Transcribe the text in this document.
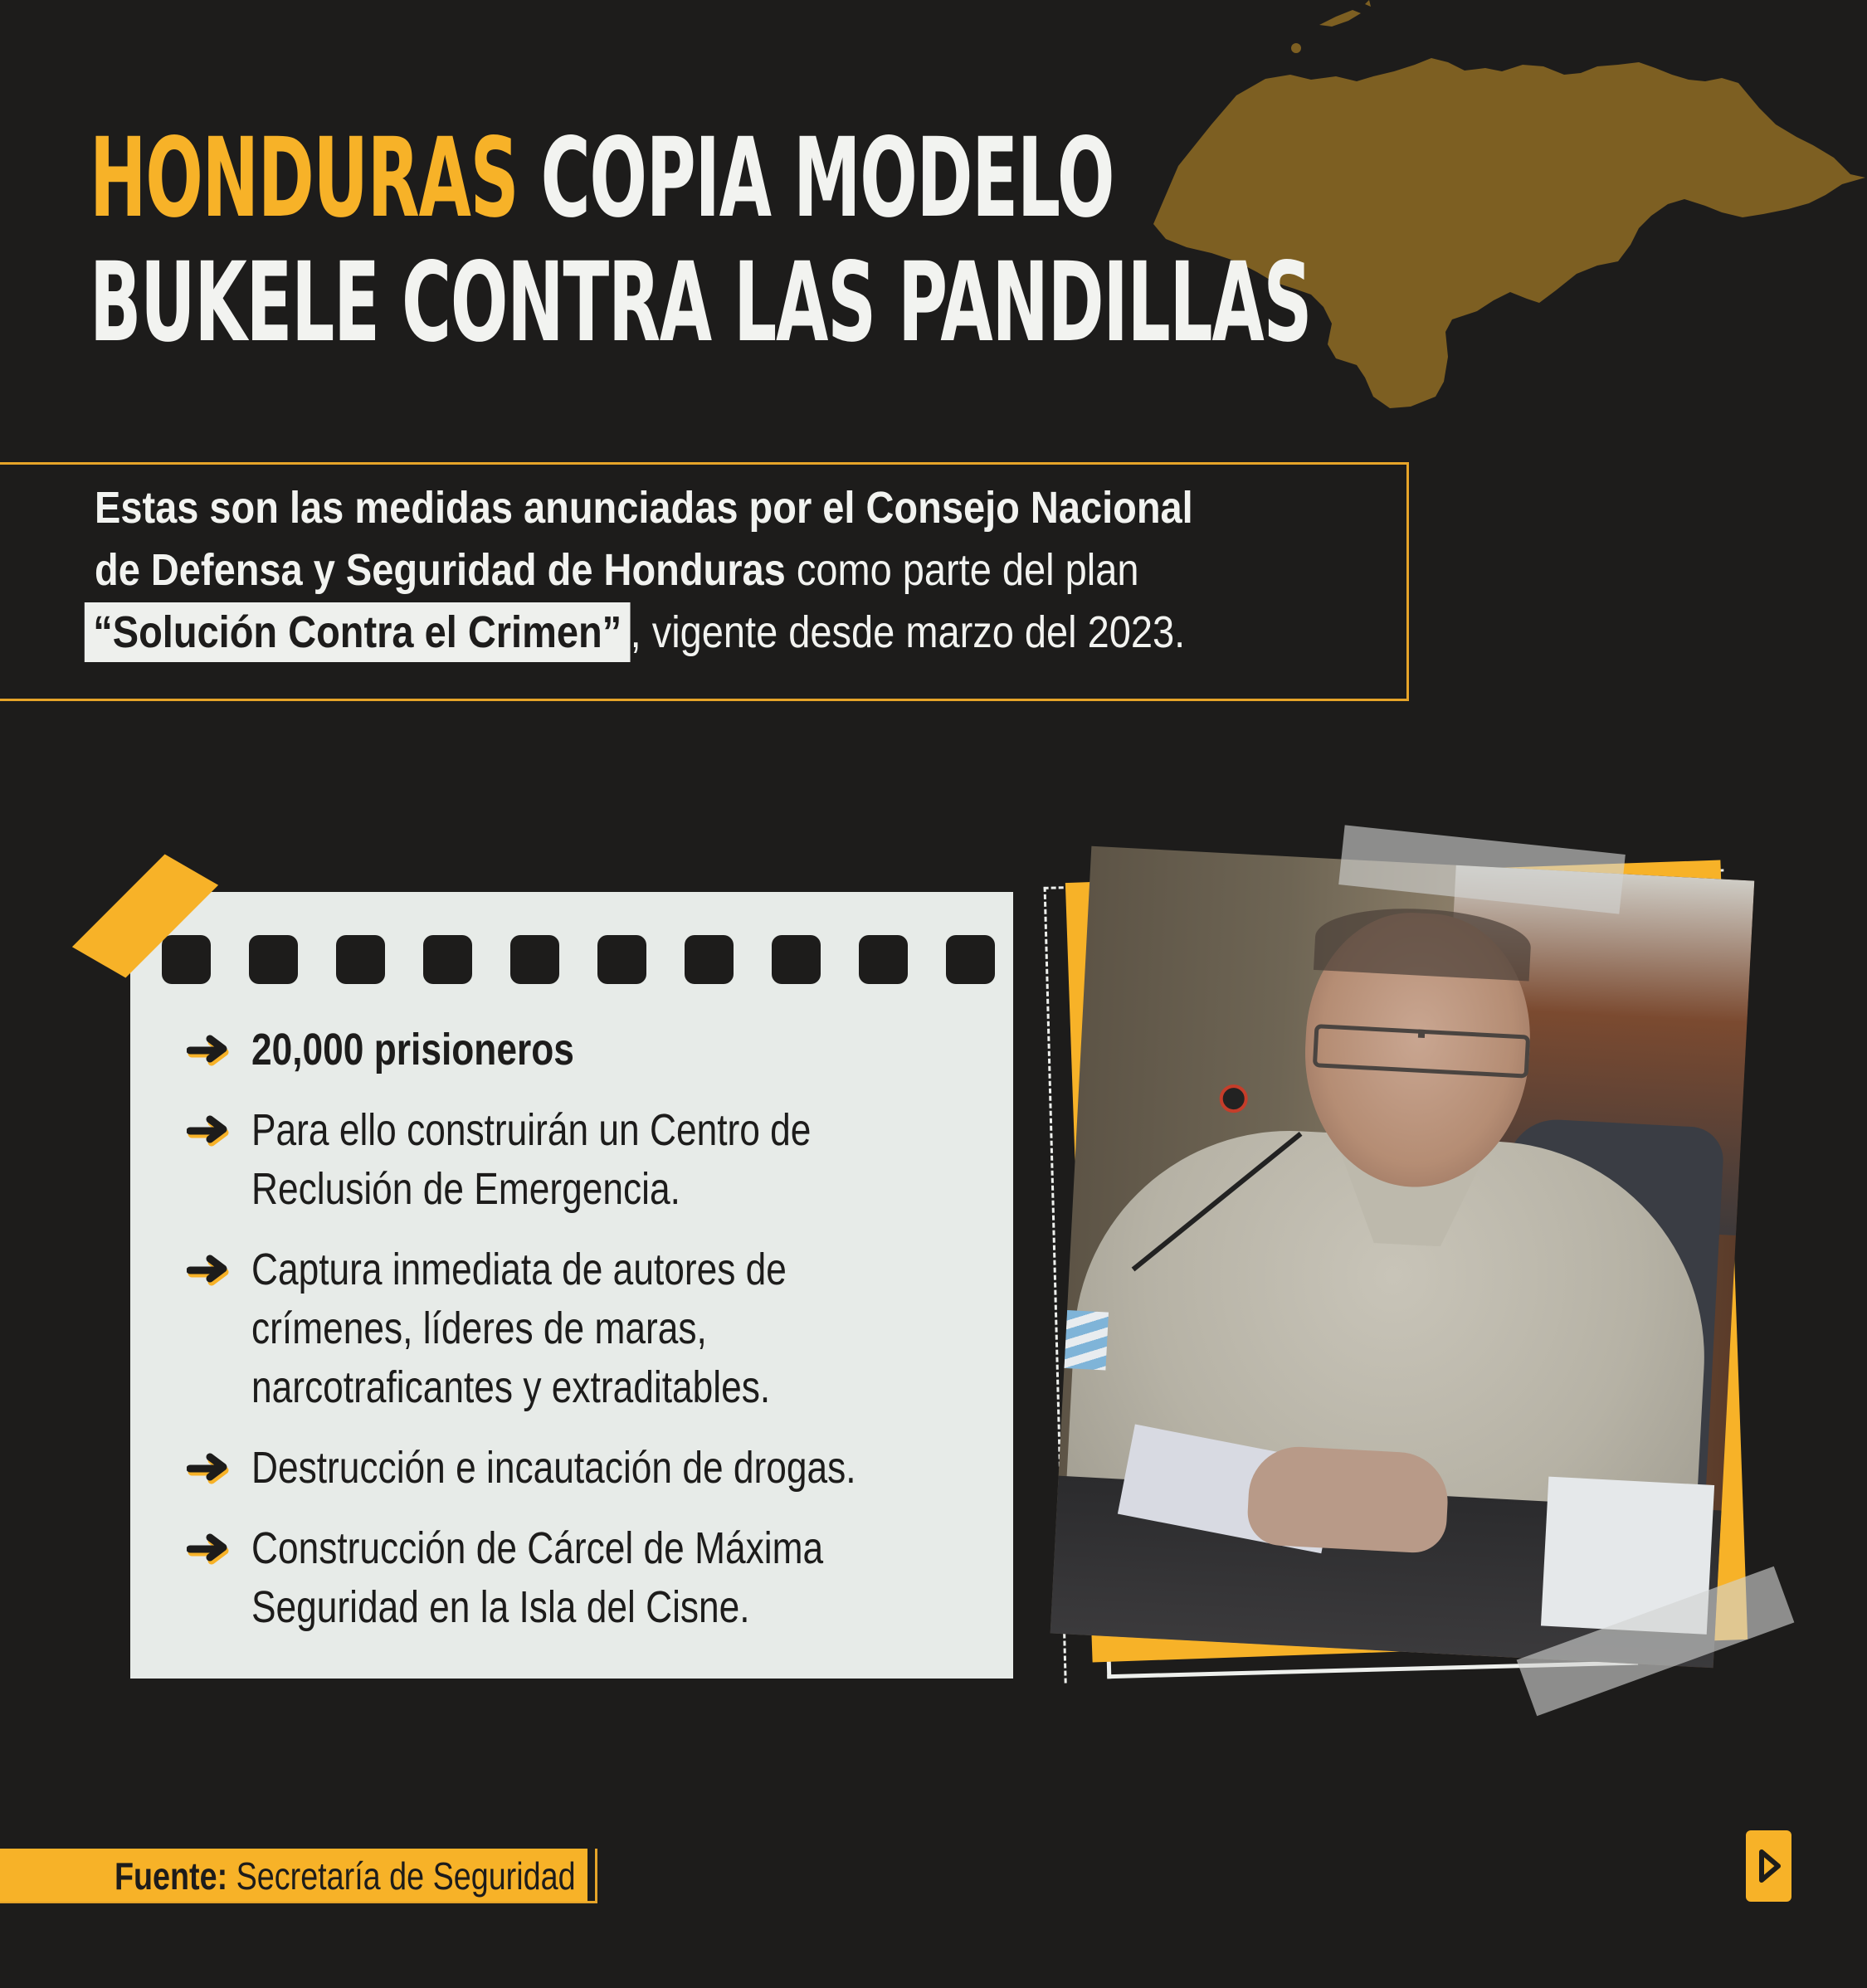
HONDURAS COPIA MODELO
BUKELE CONTRA LAS PANDILLAS
Estas son las medidas anunciadas por el Consejo Nacional
de Defensa y Seguridad de Honduras como parte del plan
“Solución Contra el Crimen” , vigente desde marzo del 2023.
20,000 prisioneros
Para ello construirán un Centro de
Reclusión de Emergencia.
Captura inmediata de autores de
crímenes, líderes de maras,
narcotraficantes y extraditables.
Destrucción e incautación de drogas.
Construcción de Cárcel de Máxima
Seguridad en la Isla del Cisne.
Fuente: Secretaría de Seguridad
